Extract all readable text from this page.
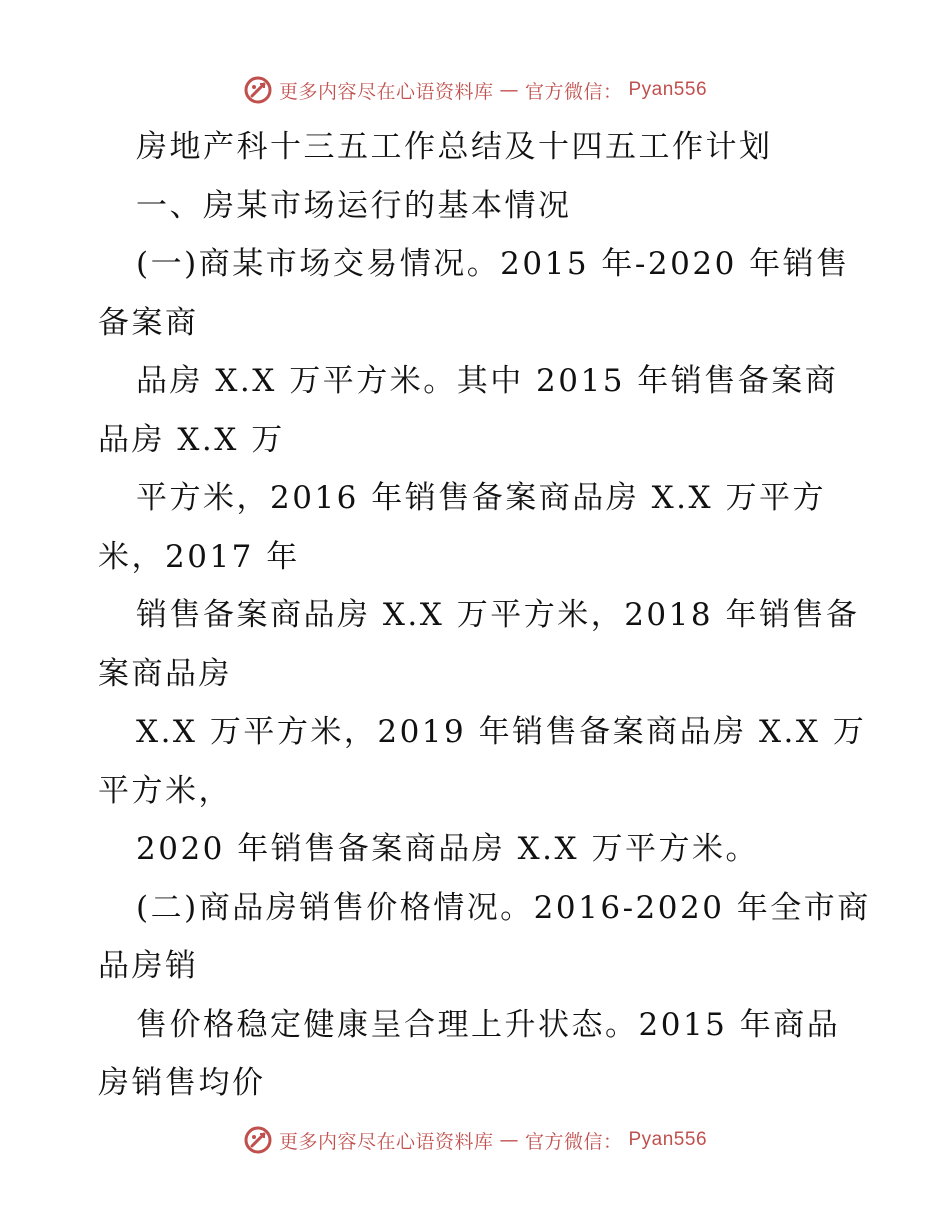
更多内容尽在心语资料库 — 官方微信： Pyan556
房地产科十三五工作总结及十四五工作计划
一、房某市场运行的基本情况
(一)商某市场交易情况。2015 年-2020 年销售
备案商
品房 X.X 万平方米。其中 2015 年销售备案商
品房 X.X 万
平方米，2016 年销售备案商品房 X.X 万平方
米，2017 年
销售备案商品房 X.X 万平方米，2018 年销售备
案商品房
X.X 万平方米，2019 年销售备案商品房 X.X 万
平方米，
2020 年销售备案商品房 X.X 万平方米。
(二)商品房销售价格情况。2016-2020 年全市商
品房销
售价格稳定健康呈合理上升状态。2015 年商品
房销售均价
更多内容尽在心语资料库 — 官方微信： Pyan556
